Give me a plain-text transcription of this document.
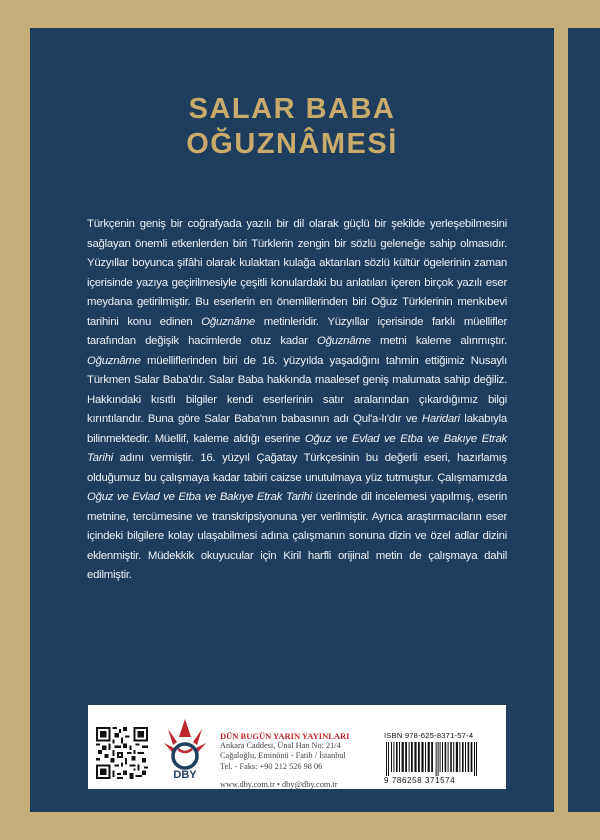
SALAR BABA
OĞUZNÂMESİ

Türkçenin geniş bir coğrafyada yazılı bir dil olarak güçlü bir şekilde yerleşebilmesini sağlayan önemli etkenlerden biri Türklerin zengin bir sözlü geleneğe sahip olmasıdır. Yüzyıllar boyunca şifâhi olarak kulaktan kulağa aktarılan sözlü kültür ögelerinin zaman içerisinde yazıya geçirilmesiyle çeşitli konulardaki bu anlatıları içeren birçok yazılı eser meydana getirilmiştir. Bu eserlerin en önemlilerinden biri Oğuz Türklerinin menkıbevi tarihini konu edinen Oğuznâme metinleridir. Yüzyıllar içerisinde farklı müellifler tarafından değişik hacimlerde otuz kadar Oğuznâme metni kaleme alınmıştır. Oğuznâme müelliflerinden biri de 16. yüzyılda yaşadığını tahmin ettiğimiz Nusaylı Türkmen Salar Baba'dır. Salar Baba hakkında maalesef geniş malumata sahip değiliz. Hakkındaki kısıtlı bilgiler kendi eserlerinin satır aralarından çıkardığımız bilgi kırıntılarıdır. Buna göre Salar Baba'nın babasının adı Qul'a-lı'dır ve Haridari lakabıyla bilinmektedir. Müellif, kaleme aldığı eserine Oğuz ve Evlad ve Etba ve Bakıye Etrak Tarihi adını vermiştir. 16. yüzyıl Çağatay Türkçesinin bu değerli eseri, hazırlamış olduğumuz bu çalışmaya kadar tabiri caizse unutulmaya yüz tutmuştur. Çalışmamızda Oğuz ve Evlad ve Etba ve Bakıye Etrak Tarihi üzerinde dil incelemesi yapılmış, eserin metnine, tercümesine ve transkripsiyonuna yer verilmiştir. Ayrıca araştırmacıların eser içindeki bilgilere kolay ulaşabilmesi adına çalışmanın sonuna dizin ve özel adlar dizini eklenmiştir. Müdekkik okuyucular için Kiril harfli orijinal metin de çalışmaya dahil edilmiştir.

DBY
DÜN BUGÜN YARIN YAYINLARI
Ankara Caddesi, Ünal Han No: 21/4
Cağaloğlu, Eminönü - Fatih / İstanbul
Tel. - Faks: +90 212 526 98 06
www.dby.com.tr • dby@dby.com.tr
ISBN 978-625-8371-57-4
9 786258 371574
